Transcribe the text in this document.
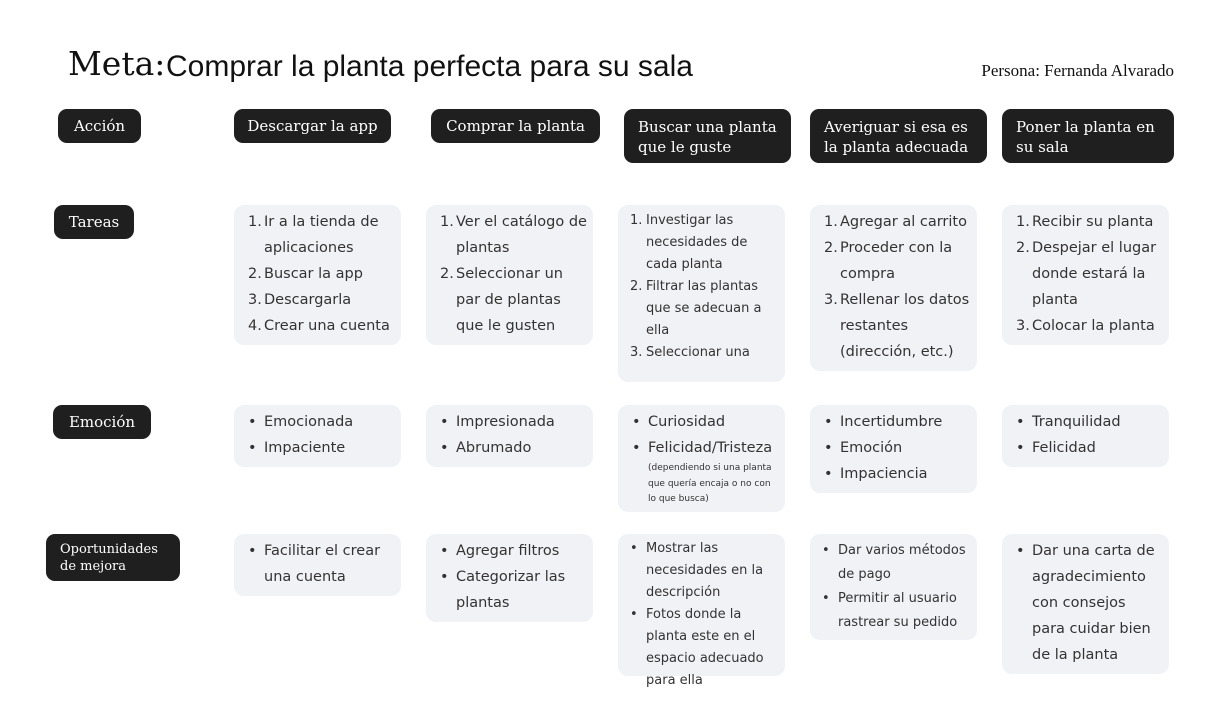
Meta: Comprar la planta perfecta para su sala	Persona: Fernanda Alvarado
Acción
Tareas
Emoción
Oportunidades
de mejora
Descargar la app
1. Ir a la tienda de aplicaciones
2. Buscar la app
3. Descargarla
4. Crear una cuenta
• Emocionada
• Impaciente
• Facilitar el crear una cuenta
Comprar la planta
1. Ver el catálogo de plantas
2. Seleccionar un par de plantas que le gusten
• Impresionada
• Abrumado
• Agregar filtros
• Categorizar las plantas
Buscar una planta
que le guste
1. Investigar las necesidades de cada planta
2. Filtrar las plantas que se adecuan a ella
3. Seleccionar una
• Curiosidad
• Felicidad/Tristeza
(dependiendo si una planta que quería encaja o no con lo que busca)
• Mostrar las necesidades en la descripción
• Fotos donde la planta este en el espacio adecuado para ella
Averiguar si esa es
la planta adecuada
1. Agregar al carrito
2. Proceder con la compra
3. Rellenar los datos restantes (dirección, etc.)
• Incertidumbre
• Emoción
• Impaciencia
• Dar varios métodos de pago
• Permitir al usuario rastrear su pedido
Poner la planta en
su sala
1. Recibir su planta
2. Despejar el lugar donde estará la planta
3. Colocar la planta
• Tranquilidad
• Felicidad
• Dar una carta de agradecimiento con consejos para cuidar bien de la planta
